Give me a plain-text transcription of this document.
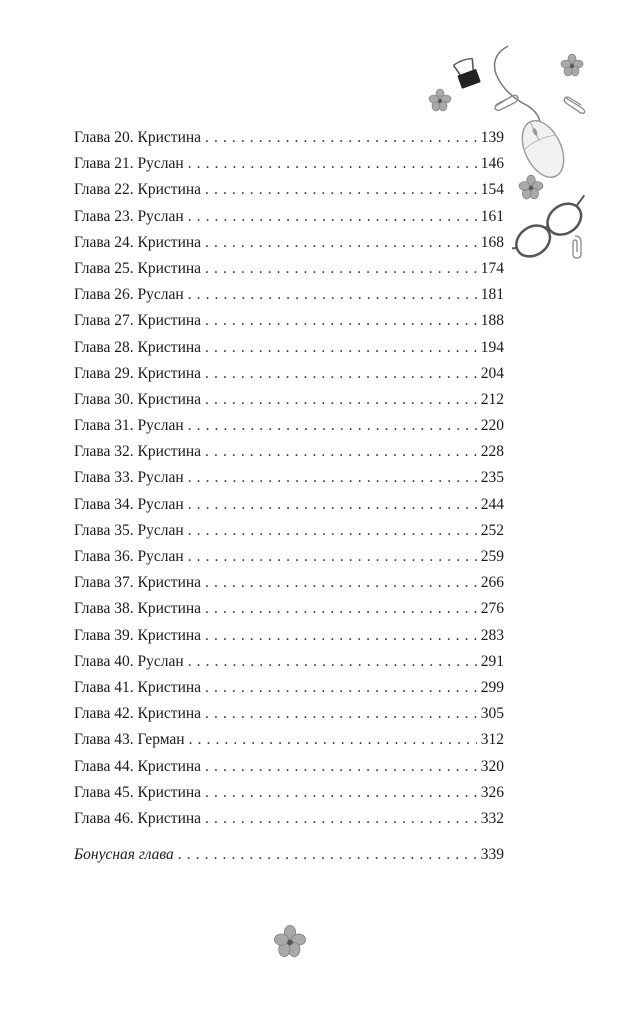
Глава 20. Кристина . . .	139
Глава 21. Руслан . . .	146
Глава 22. Кристина . . .	154
Глава 23. Руслан . . .	161
Глава 24. Кристина . . .	168
Глава 25. Кристина . . .	174
Глава 26. Руслан . . .	181
Глава 27. Кристина . . .	188
Глава 28. Кристина . . .	194
Глава 29. Кристина . . .	204
Глава 30. Кристина . . .	212
Глава 31. Руслан . . .	220
Глава 32. Кристина . . .	228
Глава 33. Руслан . . .	235
Глава 34. Руслан . . .	244
Глава 35. Руслан . . .	252
Глава 36. Руслан . . .	259
Глава 37. Кристина . . .	266
Глава 38. Кристина . . .	276
Глава 39. Кристина . . .	283
Глава 40. Руслан . . .	291
Глава 41. Кристина . . .	299
Глава 42. Кристина . . .	305
Глава 43. Герман . . .	312
Глава 44. Кристина . . .	320
Глава 45. Кристина . . .	326
Глава 46. Кристина . . .	332
Бонусная глава . . .	339
